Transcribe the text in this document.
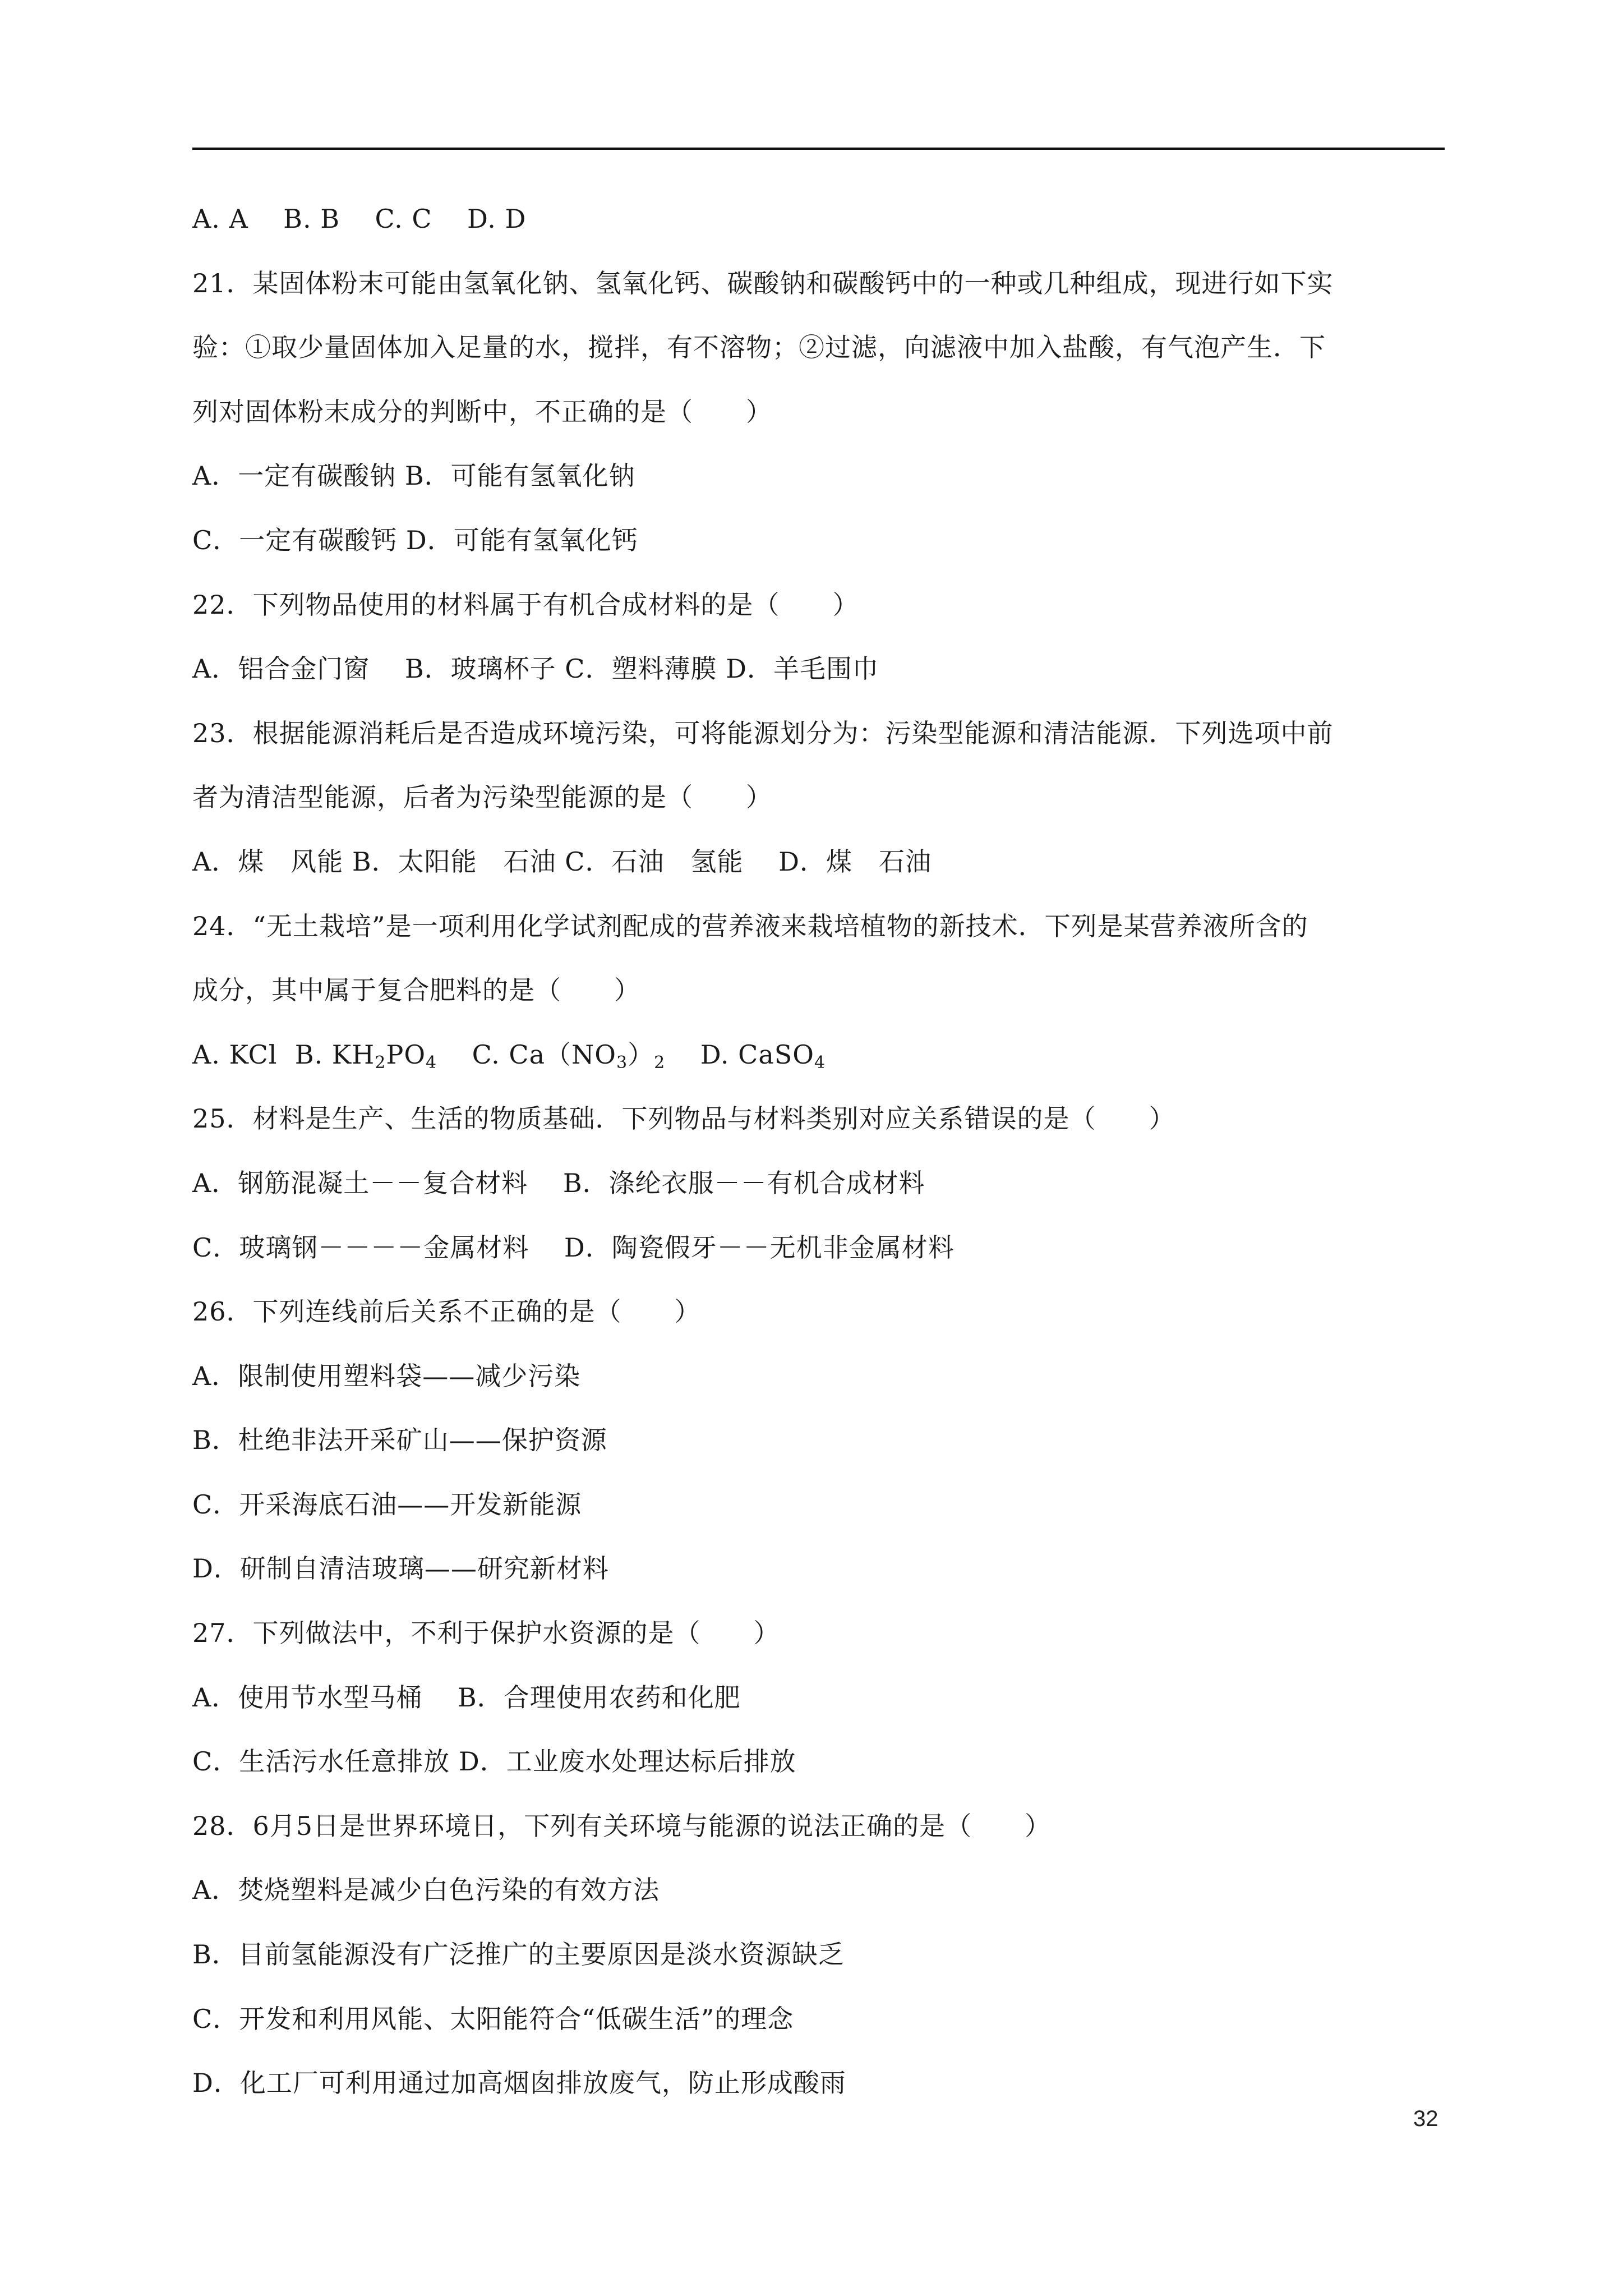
A. A    B. B    C. C    D. D
21．某固体粉末可能由氢氧化钠、氢氧化钙、碳酸钠和碳酸钙中的一种或几种组成，现进行如下实
验：①取少量固体加入足量的水，搅拌，有不溶物；②过滤，向滤液中加入盐酸，有气泡产生．下
列对固体粉末成分的判断中，不正确的是（　　）
A．一定有碳酸钠 B．可能有氢氧化钠
C．一定有碳酸钙 D．可能有氢氧化钙
22．下列物品使用的材料属于有机合成材料的是（　　）
A．铝合金门窗　 B．玻璃杯子 C．塑料薄膜 D．羊毛围巾
23．根据能源消耗后是否造成环境污染，可将能源划分为：污染型能源和清洁能源．下列选项中前
者为清洁型能源，后者为污染型能源的是（　　）
A．煤　风能 B．太阳能　石油 C．石油　氢能　 D．煤　石油
24．“无土栽培”是一项利用化学试剂配成的营养液来栽培植物的新技术．下列是某营养液所含的
成分，其中属于复合肥料的是（　　）
A. KCl  B. $KH_2PO_4$    C. $Ca(NO_3)_2$    D. CaSO$_4$
25．材料是生产、生活的物质基础．下列物品与材料类别对应关系错误的是（　　）
A．钢筋混凝土－－复合材料　 B．涤纶衣服－－有机合成材料
C．玻璃钢－－－－金属材料　 D．陶瓷假牙－－无机非金属材料
26．下列连线前后关系不正确的是（　　）
A．限制使用塑料袋——减少污染
B．杜绝非法开采矿山——保护资源
C．开采海底石油——开发新能源
D．研制自清洁玻璃——研究新材料
27．下列做法中，不利于保护水资源的是（　　）
A．使用节水型马桶　 B．合理使用农药和化肥
C．生活污水任意排放 D．工业废水处理达标后排放
28．6月5日是世界环境日，下列有关环境与能源的说法正确的是（　　）
A．焚烧塑料是减少白色污染的有效方法
B．目前氢能源没有广泛推广的主要原因是淡水资源缺乏
C．开发和利用风能、太阳能符合“低碳生活”的理念
D．化工厂可利用通过加高烟囱排放废气，防止形成酸雨
32
